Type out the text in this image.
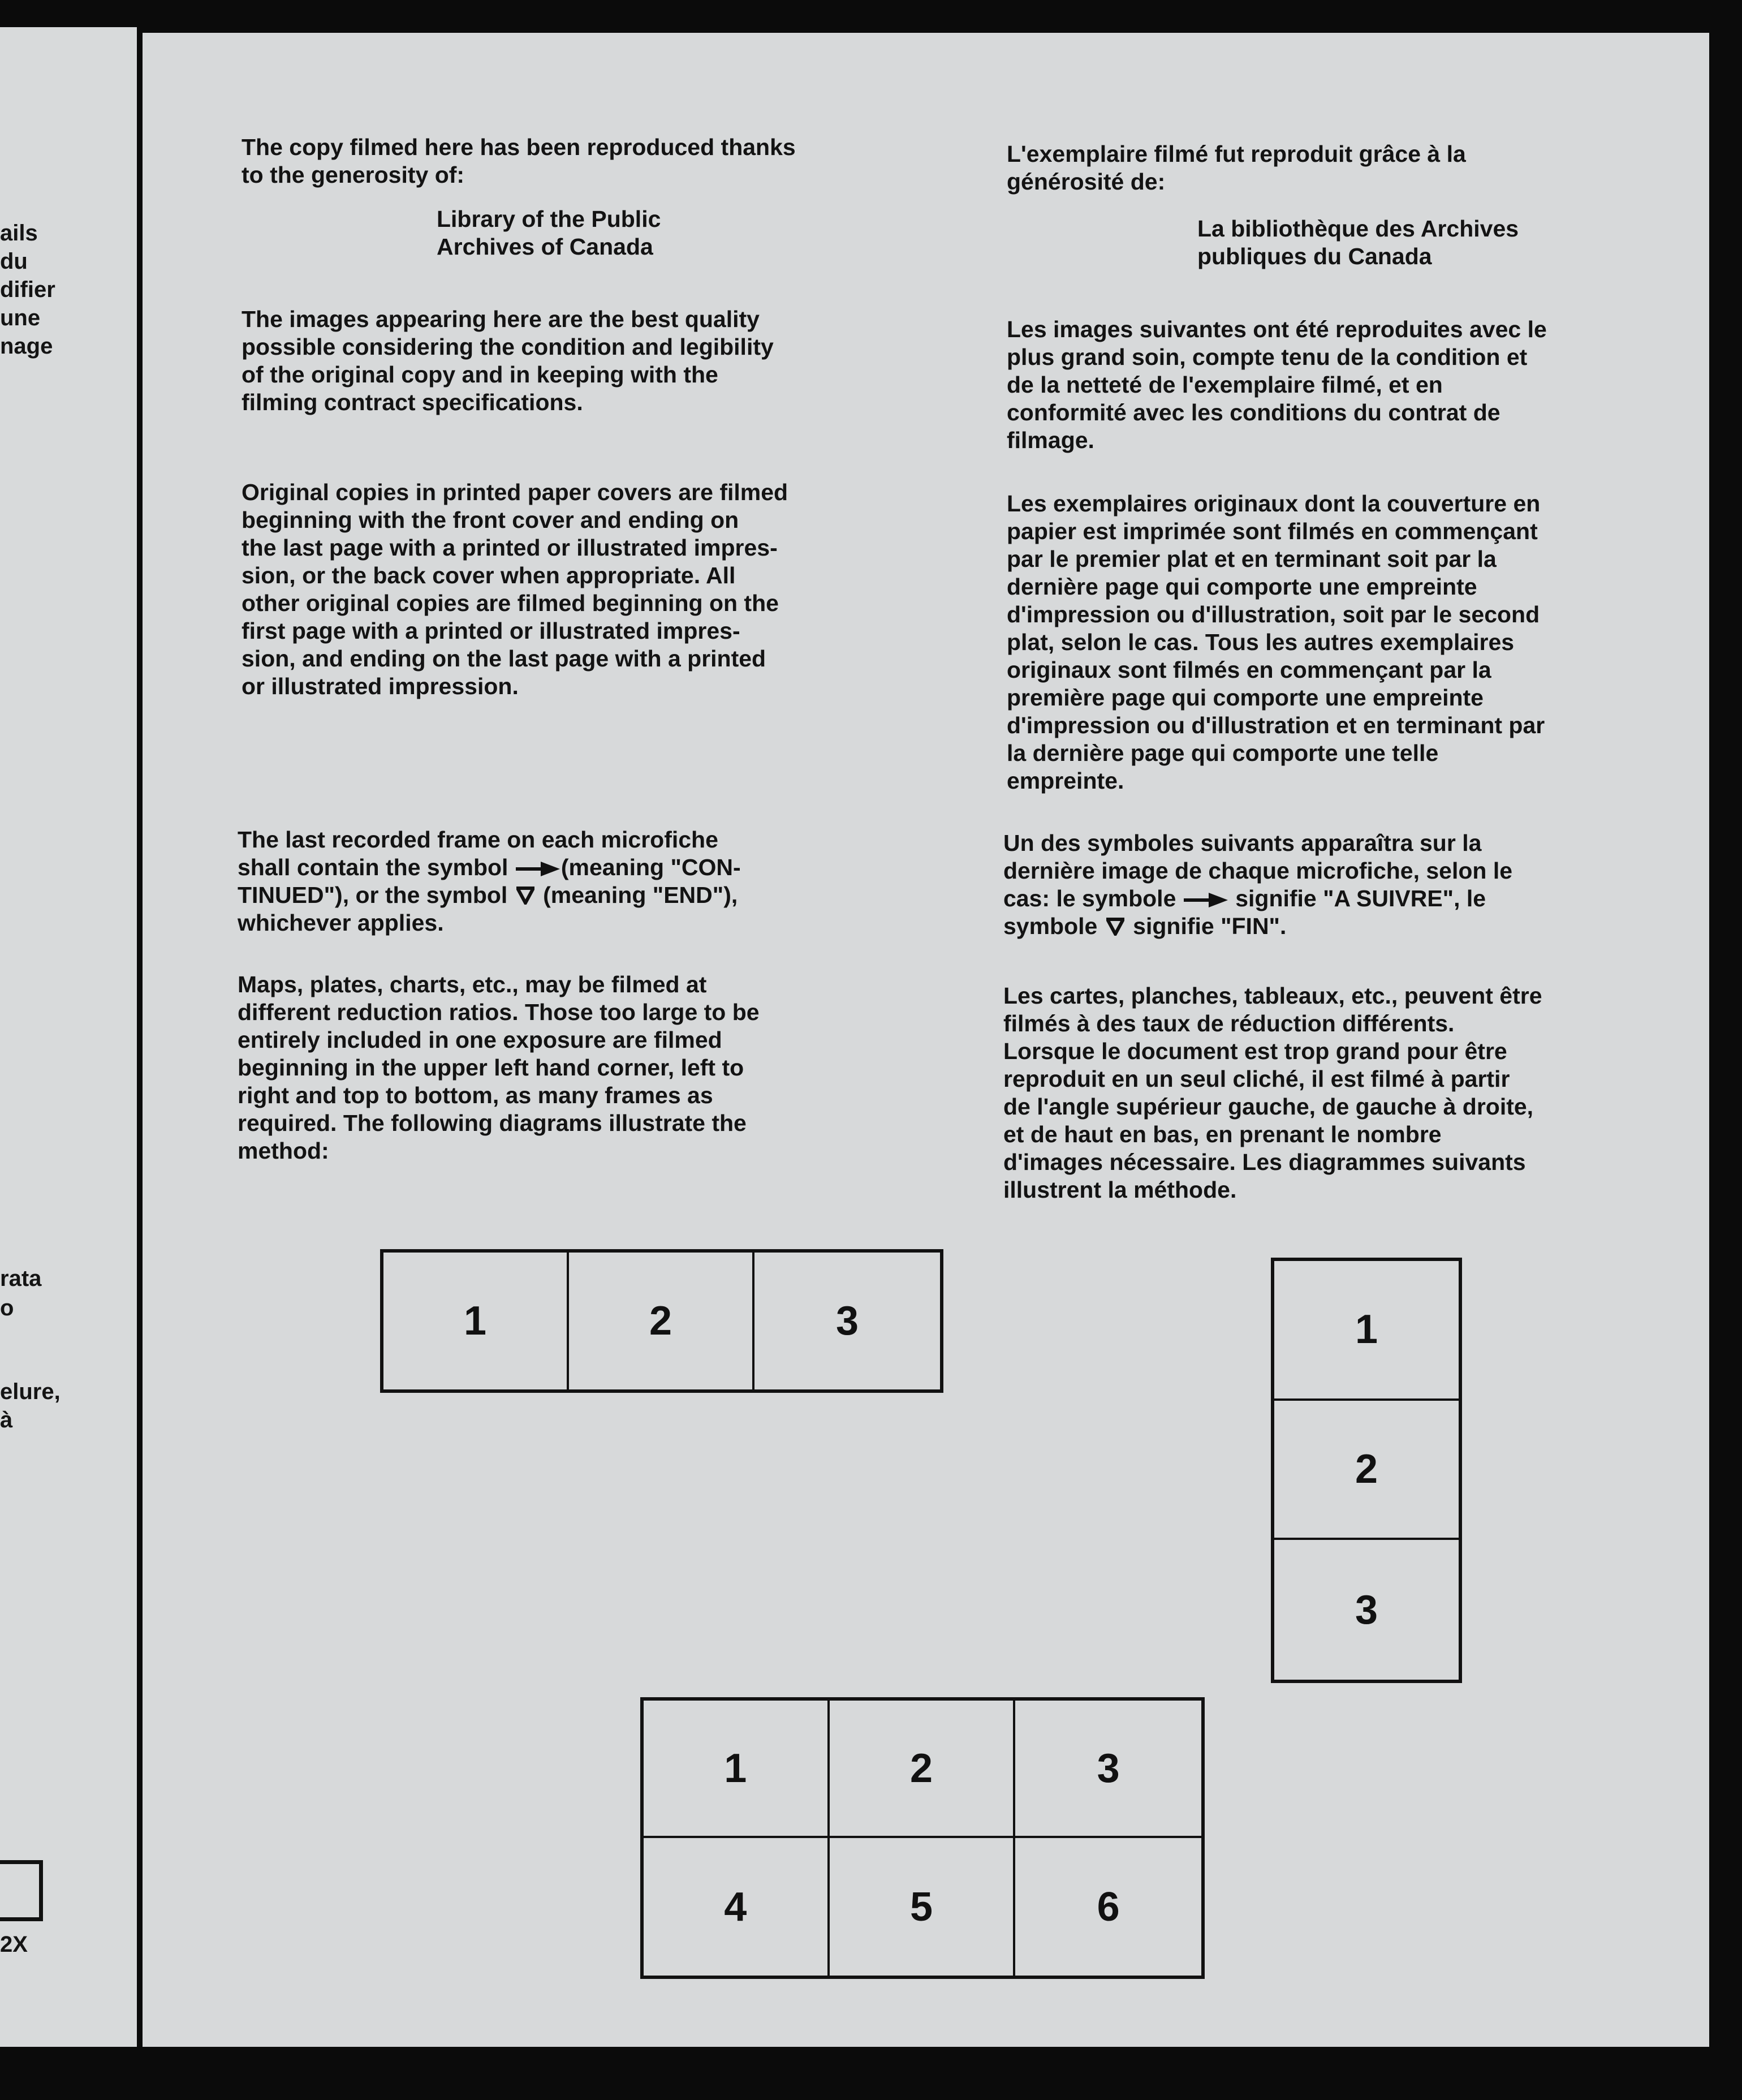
ails
du
difier
une
nage
rata
o
elure,
à
2X
The copy filmed here has been reproduced thanks
to the generosity of:
Library of the Public
Archives of Canada
The images appearing here are the best quality
possible considering the condition and legibility
of the original copy and in keeping with the
filming contract specifications.
Original copies in printed paper covers are filmed
beginning with the front cover and ending on
the last page with a printed or illustrated impres-
sion, or the back cover when appropriate. All
other original copies are filmed beginning on the
first page with a printed or illustrated impres-
sion, and ending on the last page with a printed
or illustrated impression.
The last recorded frame on each microfiche
shall contain the symbol (meaning "CON-
TINUED"), or the symbol (meaning "END"),
whichever applies.
Maps, plates, charts, etc., may be filmed at
different reduction ratios. Those too large to be
entirely included in one exposure are filmed
beginning in the upper left hand corner, left to
right and top to bottom, as many frames as
required. The following diagrams illustrate the
method:
L'exemplaire filmé fut reproduit grâce à la
générosité de:
La bibliothèque des Archives
publiques du Canada
Les images suivantes ont été reproduites avec le
plus grand soin, compte tenu de la condition et
de la netteté de l'exemplaire filmé, et en
conformité avec les conditions du contrat de
filmage.
Les exemplaires originaux dont la couverture en
papier est imprimée sont filmés en commençant
par le premier plat et en terminant soit par la
dernière page qui comporte une empreinte
d'impression ou d'illustration, soit par le second
plat, selon le cas. Tous les autres exemplaires
originaux sont filmés en commençant par la
première page qui comporte une empreinte
d'impression ou d'illustration et en terminant par
la dernière page qui comporte une telle
empreinte.
Un des symboles suivants apparaîtra sur la
dernière image de chaque microfiche, selon le
cas: le symbole	signifie "A SUIVRE", le
symbole signifie "FIN".
Les cartes, planches, tableaux, etc., peuvent être
filmés à des taux de réduction différents.
Lorsque le document est trop grand pour être
reproduit en un seul cliché, il est filmé à partir
de l'angle supérieur gauche, de gauche à droite,
et de haut en bas, en prenant le nombre
d'images nécessaire. Les diagrammes suivants
illustrent la méthode.
1	2	3	1
2
3
1	2	3
4	5	6
